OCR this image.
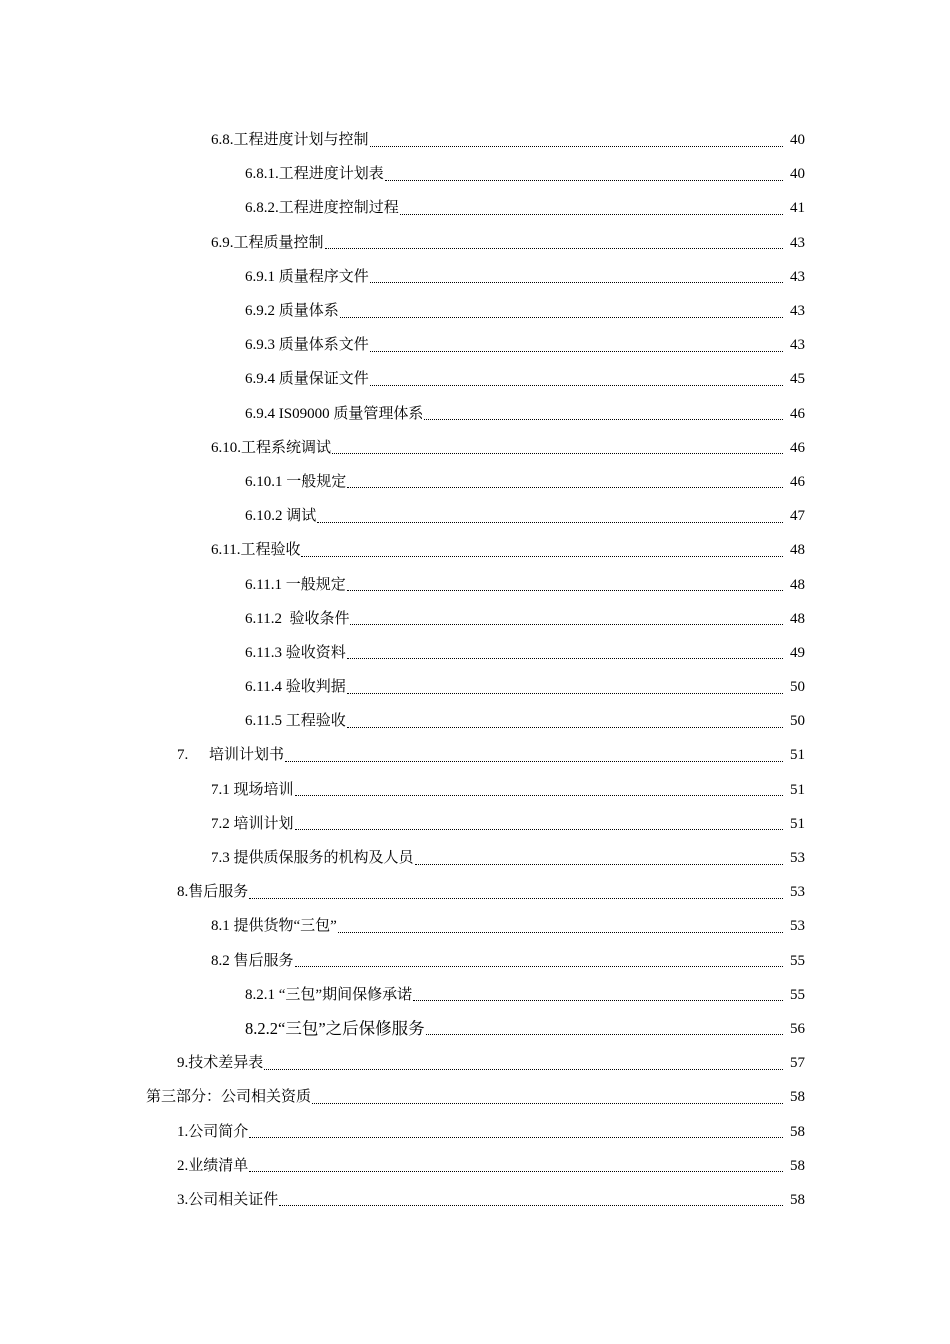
6.8.工程进度计划与控制	40
6.8.1.工程进度计划表	40
6.8.2.工程进度控制过程	41
6.9.工程质量控制	43
6.9.1 质量程序文件	43
6.9.2 质量体系	43
6.9.3 质量体系文件	43
6.9.4 质量保证文件	45
6.9.4 IS09000 质量管理体系	46
6.10.工程系统调试	46
6.10.1 一般规定	46
6.10.2 调试	47
6.11.工程验收	48
6.11.1 一般规定	48
6.11.2  验收条件	48
6.11.3 验收资料	49
6.11.4 验收判据	50
6.11.5 工程验收	50
7. 培训计划书	51
7.1 现场培训	51
7.2 培训计划	51
7.3 提供质保服务的机构及人员	53
8.售后服务	53
8.1 提供货物“三包”	53
8.2 售后服务	55
8.2.1 “三包”期间保修承诺	55
8.2.2“三包”之后保修服务	56
9.技术差异表	57
第三部分：公司相关资质	58
1.公司简介	58
2.业绩清单	58
3.公司相关证件	58
